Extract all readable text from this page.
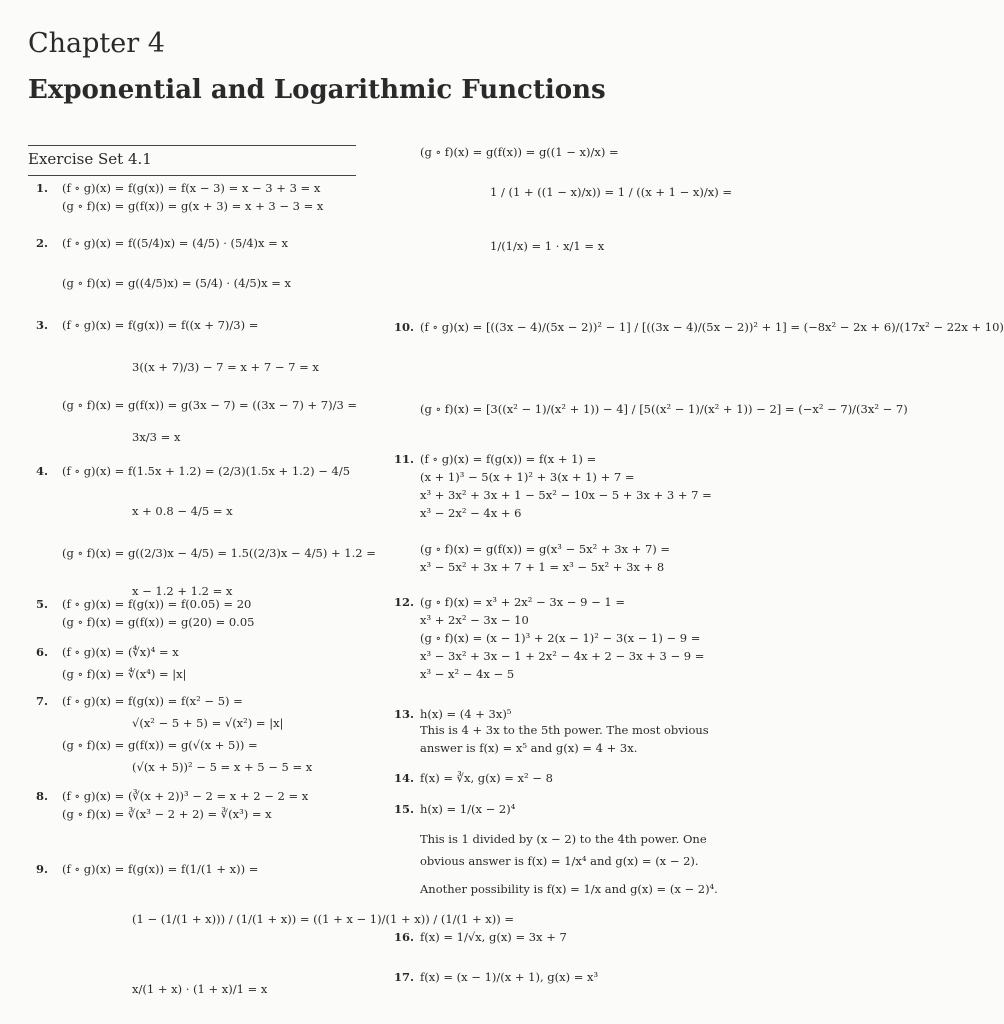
Chapter 4
Exponential and Logarithmic Functions
Exercise Set 4.1
1. (f ∘ g)(x) = f(g(x)) = f(x − 3) = x − 3 + 3 = x
(g ∘ f)(x) = g(f(x)) = g(x + 3) = x + 3 − 3 = x
2. (f ∘ g)(x) = f((5/4)x) = (4/5) · (5/4)x = x
(g ∘ f)(x) = g((4/5)x) = (5/4) · (4/5)x = x
3. (f ∘ g)(x) = f(g(x)) = f((x + 7)/3) =
3((x + 7)/3) − 7 = x + 7 − 7 = x
(g ∘ f)(x) = g(f(x)) = g(3x − 7) = ((3x − 7) + 7)/3 =
3x/3 = x
4. (f ∘ g)(x) = f(1.5x + 1.2) = (2/3)(1.5x + 1.2) − 4/5
x + 0.8 − 4/5 = x
(g ∘ f)(x) = g((2/3)x − 4/5) = 1.5((2/3)x − 4/5) + 1.2 =
x − 1.2 + 1.2 = x
5. (f ∘ g)(x) = f(g(x)) = f(0.05) = 20
(g ∘ f)(x) = g(f(x)) = g(20) = 0.05
6. (f ∘ g)(x) = (∜x)⁴ = x
(g ∘ f)(x) = ∜(x⁴) = |x|
7. (f ∘ g)(x) = f(g(x)) = f(x² − 5) =
√(x² − 5 + 5) = √(x²) = |x|
(g ∘ f)(x) = g(f(x)) = g(√(x + 5)) =
(√(x + 5))² − 5 = x + 5 − 5 = x
8. (f ∘ g)(x) = (∛(x + 2))³ − 2 = x + 2 − 2 = x
(g ∘ f)(x) = ∛(x³ − 2 + 2) = ∛(x³) = x
9. (f ∘ g)(x) = f(g(x)) = f(1/(1 + x)) =
(1 − (1/(1 + x))) / (1/(1 + x)) = ((1 + x − 1)/(1 + x)) / (1/(1 + x)) =
x/(1 + x) · (1 + x)/1 = x
(g ∘ f)(x) = g(f(x)) = g((1 − x)/x) =
1 / (1 + ((1 − x)/x)) = 1 / ((x + 1 − x)/x) =
1/(1/x) = 1 · x/1 = x
10. (f ∘ g)(x) = [((3x − 4)/(5x − 2))² − 1] / [((3x − 4)/(5x − 2))² + 1] = (−8x² − 2x + 6)/(17x² − 22x + 10)
(g ∘ f)(x) = [3((x² − 1)/(x² + 1)) − 4] / [5((x² − 1)/(x² + 1)) − 2] = (−x² − 7)/(3x² − 7)
11. (f ∘ g)(x) = f(g(x)) = f(x + 1) =
(x + 1)³ − 5(x + 1)² + 3(x + 1) + 7 =
x³ + 3x² + 3x + 1 − 5x² − 10x − 5 + 3x + 3 + 7 =
x³ − 2x² − 4x + 6
(g ∘ f)(x) = g(f(x)) = g(x³ − 5x² + 3x + 7) =
x³ − 5x² + 3x + 7 + 1 = x³ − 5x² + 3x + 8
12. (g ∘ f)(x) = x³ + 2x² − 3x − 9 − 1 =
x³ + 2x² − 3x − 10
(g ∘ f)(x) = (x − 1)³ + 2(x − 1)² − 3(x − 1) − 9 =
x³ − 3x² + 3x − 1 + 2x² − 4x + 2 − 3x + 3 − 9 =
x³ − x² − 4x − 5
13. h(x) = (4 + 3x)⁵
This is 4 + 3x to the 5th power. The most obvious
answer is f(x) = x⁵ and g(x) = 4 + 3x.
14. f(x) = ∛x, g(x) = x² − 8
15. h(x) = 1/(x − 2)⁴
This is 1 divided by (x − 2) to the 4th power. One
obvious answer is f(x) = 1/x⁴ and g(x) = (x − 2).
Another possibility is f(x) = 1/x and g(x) = (x − 2)⁴.
16. f(x) = 1/√x, g(x) = 3x + 7
17. f(x) = (x − 1)/(x + 1), g(x) = x³
